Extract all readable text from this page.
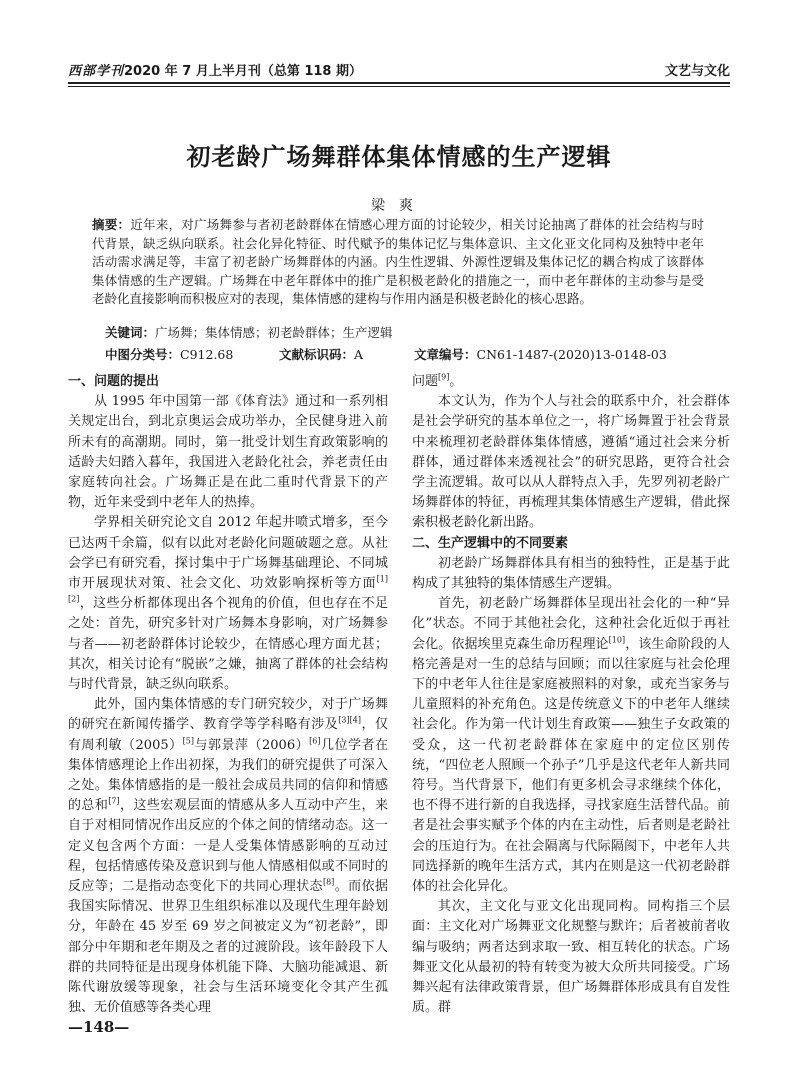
西部学刊2020 年 7 月上半月刊（总第 118 期）	文艺与文化
初老龄广场舞群体集体情感的生产逻辑
梁爽
摘要：近年来，对广场舞参与者初老龄群体在情感心理方面的讨论较少，相关讨论抽离了群体的社会结构与时代背景，缺乏纵向联系。社会化异化特征、时代赋予的集体记忆与集体意识、主文化亚文化同构及独特中老年活动需求满足等，丰富了初老龄广场舞群体的内涵。内生性逻辑、外源性逻辑及集体记忆的耦合构成了该群体集体情感的生产逻辑。广场舞在中老年群体中的推广是积极老龄化的措施之一，而中老年群体的主动参与是受老龄化直接影响而积极应对的表现，集体情感的建构与作用内涵是积极老龄化的核心思路。
关键词：广场舞；集体情感；初老龄群体；生产逻辑
中图分类号：C912.68	文献标识码：A	文章编号：CN61-1487-(2020)13-0148-03
一、问题的提出

从 1995 年中国第一部《体育法》通过和一系列相关规定出台，到北京奥运会成功举办，全民健身进入前所未有的高潮期。同时，第一批受计划生育政策影响的适龄夫妇踏入暮年，我国进入老龄化社会，养老责任由家庭转向社会。广场舞正是在此二重时代背景下的产物，近年来受到中老年人的热捧。

学界相关研究论文自 2012 年起井喷式增多，至今已达两千余篇，似有以此对老龄化问题破题之意。从社会学已有研究看，探讨集中于广场舞基础理论、不同城市开展现状对策、社会文化、功效影响探析等方面[1][2]，这些分析都体现出各个视角的价值，但也存在不足之处：首先，研究多针对广场舞本身影响，对广场舞参与者——初老龄群体讨论较少，在情感心理方面尤甚；其次，相关讨论有“脱嵌”之嫌，抽离了群体的社会结构与时代背景，缺乏纵向联系。

此外，国内集体情感的专门研究较少，对于广场舞的研究在新闻传播学、教育学等学科略有涉及[3][4]，仅有周利敏（2005）[5]与郭景萍（2006）[6]几位学者在集体情感理论上作出初探，为我们的研究提供了可深入之处。集体情感指的是一般社会成员共同的信仰和情感的总和[7]，这些宏观层面的情感从多人互动中产生，来自于对相同情况作出反应的个体之间的情绪动态。这一定义包含两个方面：一是人受集体情感影响的互动过程，包括情感传染及意识到与他人情感相似或不同时的反应等；二是指动态变化下的共同心理状态[8]。而依据我国实际情况、世界卫生组织标准以及现代生理年龄划分，年龄在 45 岁至 69 岁之间被定义为“初老龄”，即部分中年期和老年期及之者的过渡阶段。该年龄段下人群的共同特征是出现身体机能下降、大脑功能减退、新陈代谢放缓等现象，社会与生活环境变化令其产生孤独、无价值感等各类心理

问题[9]。

本文认为，作为个人与社会的联系中介，社会群体是社会学研究的基本单位之一，将广场舞置于社会背景中来梳理初老龄群体集体情感，遵循“通过社会来分析群体，通过群体来透视社会”的研究思路，更符合社会学主流逻辑。故可以从人群特点入手，先罗列初老龄广场舞群体的特征，再梳理其集体情感生产逻辑，借此探索积极老龄化新出路。

二、生产逻辑中的不同要素

初老龄广场舞群体具有相当的独特性，正是基于此构成了其独特的集体情感生产逻辑。

首先，初老龄广场舞群体呈现出社会化的一种“异化”状态。不同于其他社会化，这种社会化近似于再社会化。依据埃里克森生命历程理论[10]，该生命阶段的人格完善是对一生的总结与回顾；而以往家庭与社会伦理下的中老年人往往是家庭被照料的对象，或充当家务与儿童照料的补充角色。这是传统意义下的中老年人继续社会化。作为第一代计划生育政策——独生子女政策的受众，这一代初老龄群体在家庭中的定位区别传统，“四位老人照顾一个孙子”几乎是这代老年人新共同符号。当代背景下，他们有更多机会寻求继续个体化，也不得不进行新的自我选择，寻找家庭生活替代品。前者是社会事实赋予个体的内在主动性，后者则是老龄社会的压迫行为。在社会隔离与代际隔阂下，中老年人共同选择新的晚年生活方式，其内在则是这一代初老龄群体的社会化异化。

其次，主文化与亚文化出现同构。同构指三个层面：主文化对广场舞亚文化规整与默许；后者被前者收编与吸纳；两者达到求取一致、相互转化的状态。广场舞亚文化从最初的特有转变为被大众所共同接受。广场舞兴起有法律政策背景，但广场舞群体形成具有自发性质。群

—148—
